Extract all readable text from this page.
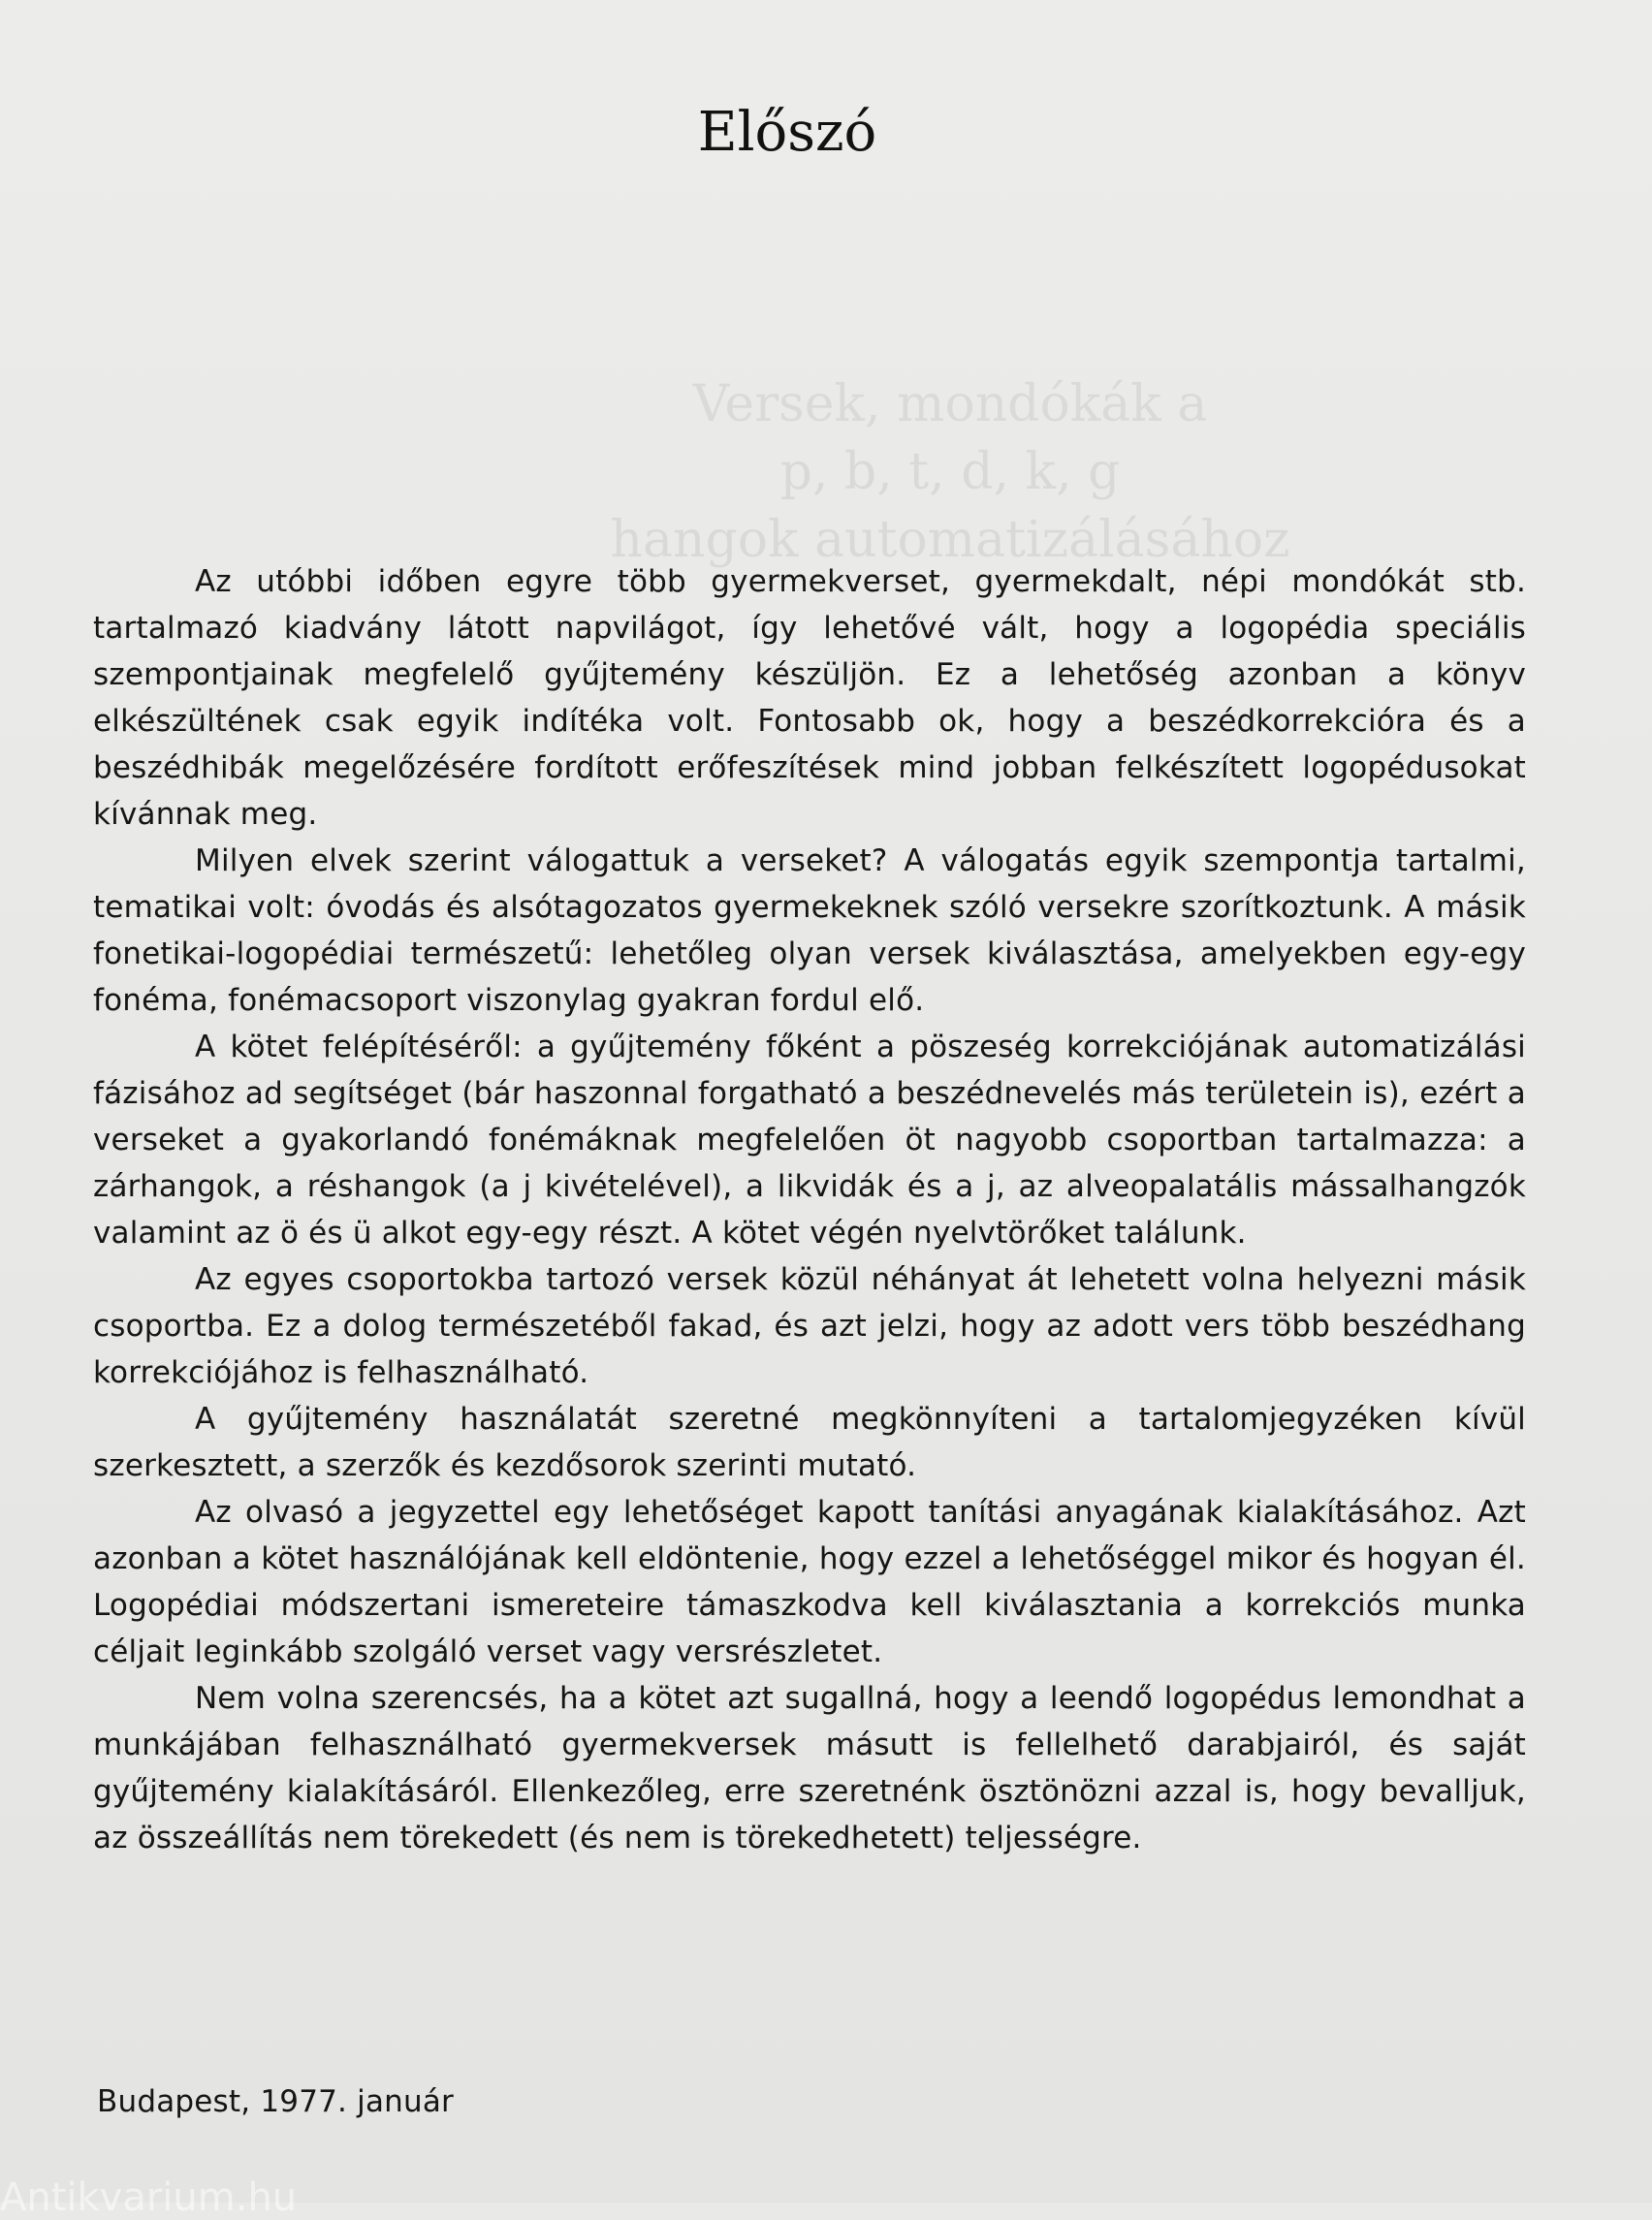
Előszó
Versek, mondókák a
p, b, t, d, k, g
hangok automatizálásához

Az utóbbi időben egyre több gyermekverset, gyermekdalt, népi mondókát stb. tartalmazó kiadvány látott napvilágot, így lehetővé vált, hogy a logopédia speciális szempontjainak megfelelő gyűjtemény készüljön. Ez a lehetőség azonban a könyv elkészültének csak egyik indítéka volt. Fontosabb ok, hogy a beszédkorrekcióra és a beszédhibák megelőzésére fordított erőfeszítések mind jobban felkészített logopédusokat kívánnak meg.

Milyen elvek szerint válogattuk a verseket? A válogatás egyik szempontja tartalmi, tematikai volt: óvodás és alsótagozatos gyermekeknek szóló versekre szorítkoztunk. A másik fonetikai-logopédiai természetű: lehetőleg olyan versek kiválasztása, amelyekben egy-egy fonéma, fonémacsoport viszonylag gyakran fordul elő.

A kötet felépítéséről: a gyűjtemény főként a pöszeség korrekciójának automatizálási fázisához ad segítséget (bár haszonnal forgatható a beszédnevelés más területein is), ezért a verseket a gyakorlandó fonémáknak megfelelően öt nagyobb csoportban tartalmazza: a zárhangok, a réshangok (a j kivételével), a likvidák és a j, az alveopalatális mássalhangzók valamint az ö és ü alkot egy-egy részt. A kötet végén nyelvtörőket találunk.

Az egyes csoportokba tartozó versek közül néhányat át lehetett volna helyezni másik csoportba. Ez a dolog természetéből fakad, és azt jelzi, hogy az adott vers több beszédhang korrekciójához is felhasználható.

A gyűjtemény használatát szeretné megkönnyíteni a tartalomjegyzéken kívül szerkesztett, a szerzők és kezdősorok szerinti mutató.

Az olvasó a jegyzettel egy lehetőséget kapott tanítási anyagának kialakításához. Azt azonban a kötet használójának kell eldöntenie, hogy ezzel a lehetőséggel mikor és hogyan él. Logopédiai módszertani ismereteire támaszkodva kell kiválasztania a korrekciós munka céljait leginkább szolgáló verset vagy versrészletet.

Nem volna szerencsés, ha a kötet azt sugallná, hogy a leendő logopédus lemondhat a munkájában felhasználható gyermekversek másutt is fellelhető darabjairól, és saját gyűjtemény kialakításáról. Ellenkezőleg, erre szeretnénk ösztönözni azzal is, hogy bevalljuk, az összeállítás nem törekedett (és nem is törekedhetett) teljességre.

Budapest, 1977. január
Antikvarium.hu
